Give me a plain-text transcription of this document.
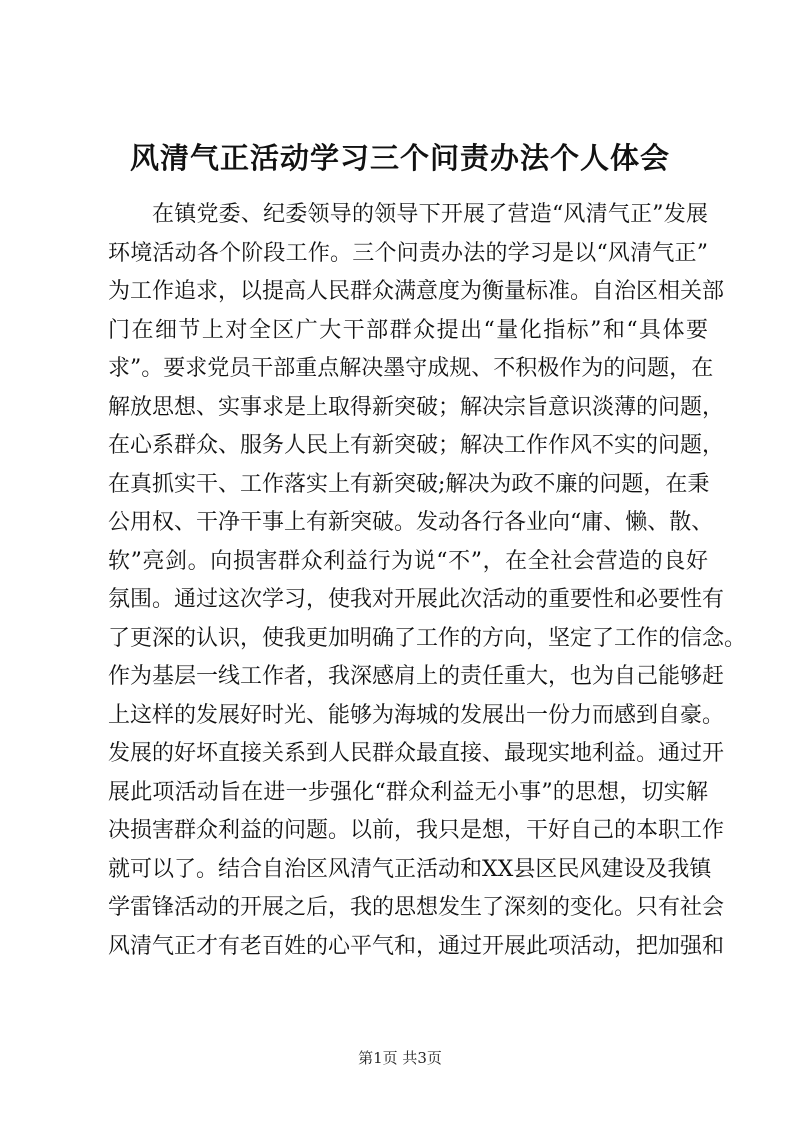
风清气正活动学习三个问责办法个人体会
在镇党委、纪委领导的领导下开展了营造“风清气正”发展
环境活动各个阶段工作。三个问责办法的学习是以“风清气正”
为工作追求，以提高人民群众满意度为衡量标准。自治区相关部
门在细节上对全区广大干部群众提出“量化指标”和“具体要
求”。要求党员干部重点解决墨守成规、不积极作为的问题，在
解放思想、实事求是上取得新突破；解决宗旨意识淡薄的问题，
在心系群众、服务人民上有新突破；解决工作作风不实的问题，
在真抓实干、工作落实上有新突破;解决为政不廉的问题，在秉
公用权、干净干事上有新突破。发动各行各业向“庸、懒、散、
软”亮剑。向损害群众利益行为说“不”，在全社会营造的良好
氛围。通过这次学习，使我对开展此次活动的重要性和必要性有
了更深的认识，使我更加明确了工作的方向，坚定了工作的信念。
作为基层一线工作者，我深感肩上的责任重大，也为自己能够赶
上这样的发展好时光、能够为海城的发展出一份力而感到自豪。
发展的好坏直接关系到人民群众最直接、最现实地利益。通过开
展此项活动旨在进一步强化“群众利益无小事”的思想，切实解
决损害群众利益的问题。以前，我只是想，干好自己的本职工作
就可以了。结合自治区风清气正活动和XX县区民风建设及我镇
学雷锋活动的开展之后，我的思想发生了深刻的变化。只有社会
风清气正才有老百姓的心平气和，通过开展此项活动，把加强和
第1页 共3页
